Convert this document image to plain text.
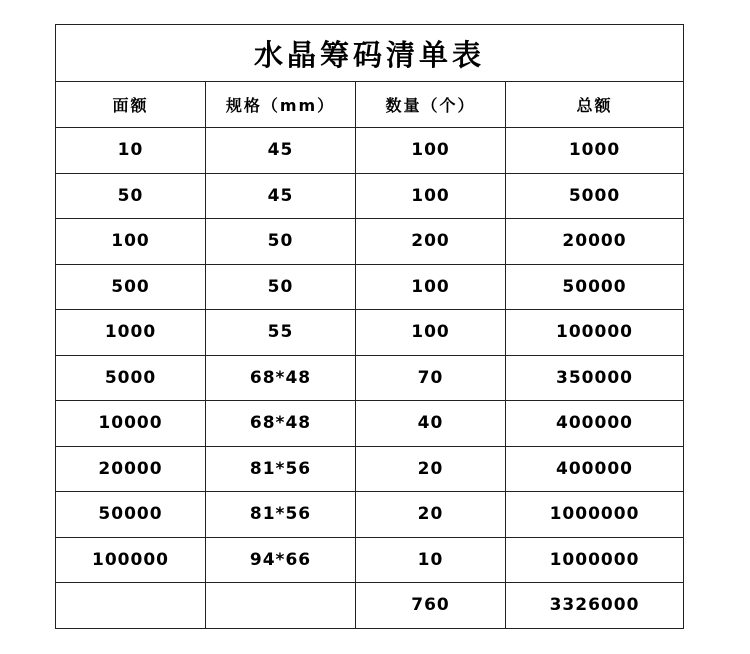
水晶筹码清单表			
面额	规格（mm）	数量（个）	总额
10	45	100	1000
50	45	100	5000
100	50	200	20000
500	50	100	50000
1000	55	100	100000
5000	68*48	70	350000
10000	68*48	40	400000
20000	81*56	20	400000
50000	81*56	20	1000000
100000	94*66	10	1000000
		760	3326000
